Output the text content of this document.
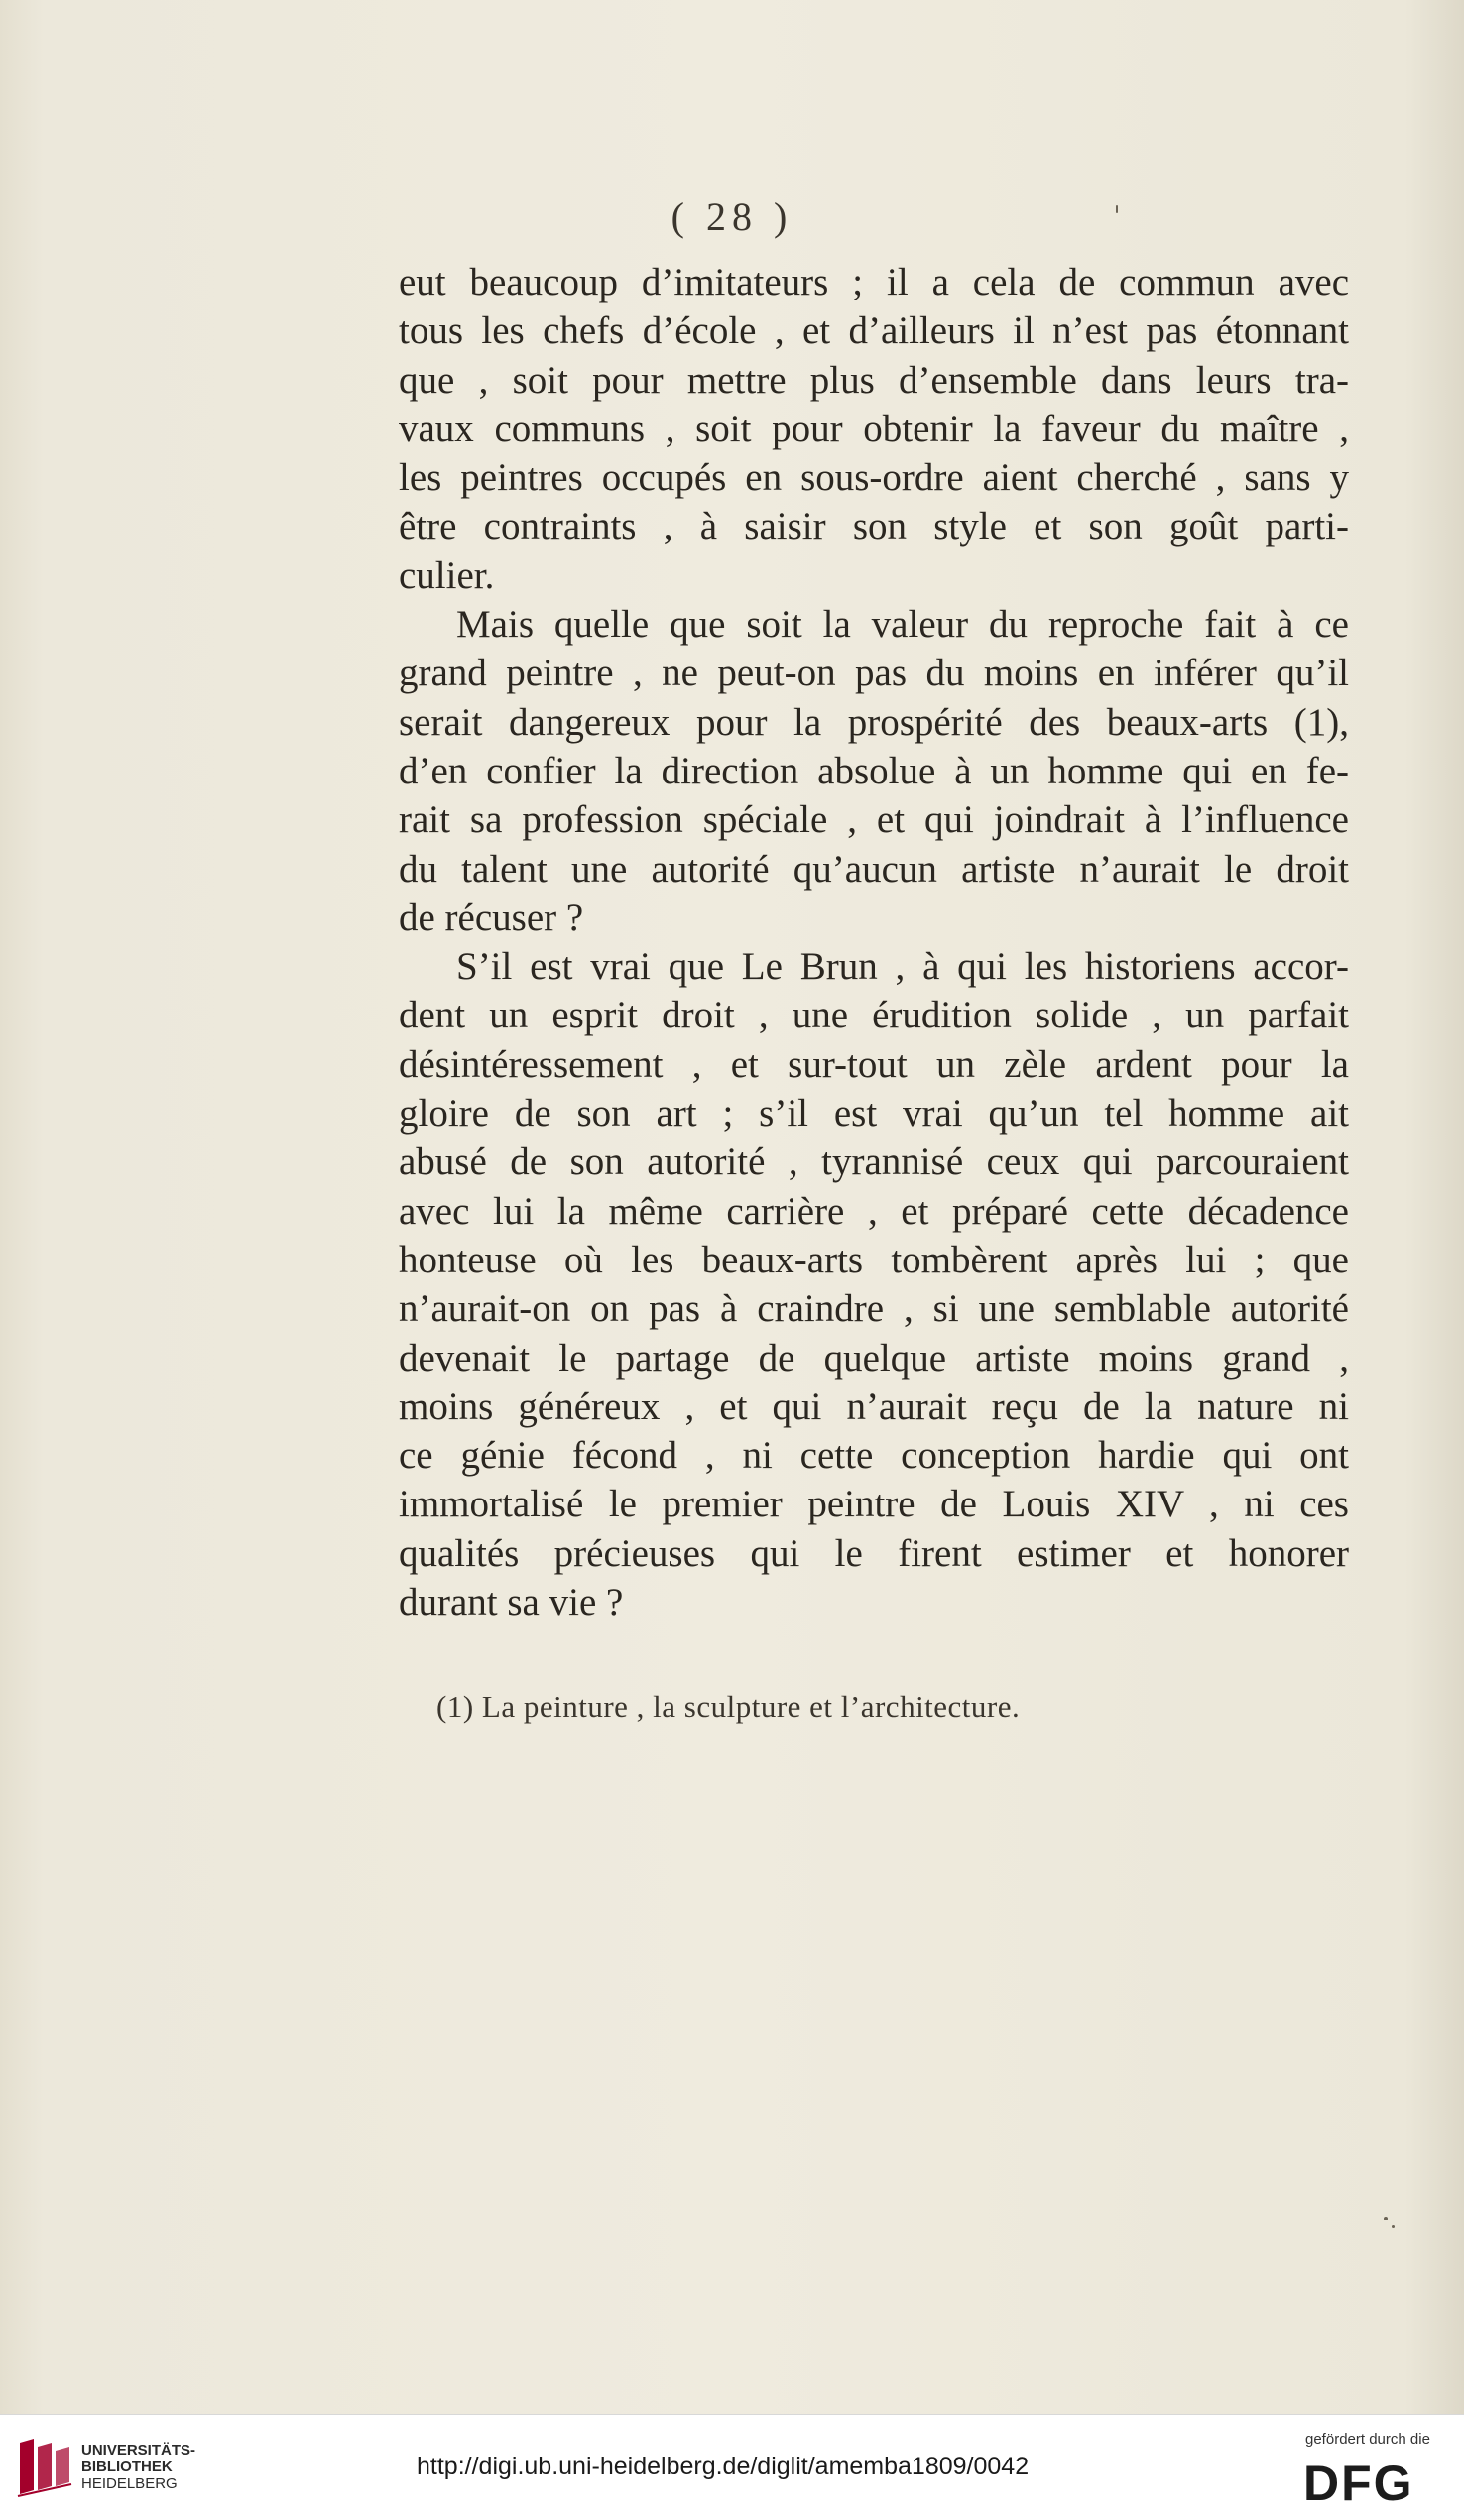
( 28 )
eut beaucoup d’imitateurs ; il a cela de commun avec
tous les chefs d’école , et d’ailleurs il n’est pas étonnant
que , soit pour mettre plus d’ensemble dans leurs tra-
vaux communs , soit pour obtenir la faveur du maître ,
les peintres occupés en sous-ordre aient cherché , sans y
être contraints , à saisir son style et son goût parti-
culier.
Mais quelle que soit la valeur du reproche fait à ce
grand peintre , ne peut-on pas du moins en inférer qu’il
serait dangereux pour la prospérité des beaux-arts (1),
d’en confier la direction absolue à un homme qui en fe-
rait sa profession spéciale , et qui joindrait à l’influence
du talent une autorité qu’aucun artiste n’aurait le droit
de récuser ?
S’il est vrai que Le Brun , à qui les historiens accor-
dent un esprit droit , une érudition solide , un parfait
désintéressement , et sur-tout un zèle ardent pour la
gloire de son art ; s’il est vrai qu’un tel homme ait
abusé de son autorité , tyrannisé ceux qui parcouraient
avec lui la même carrière , et préparé cette décadence
honteuse où les beaux-arts tombèrent après lui ; que
n’aurait-on on pas à craindre , si une semblable autorité
devenait le partage de quelque artiste moins grand ,
moins généreux , et qui n’aurait reçu de la nature ni
ce génie fécond , ni cette conception hardie qui ont
immortalisé le premier peintre de Louis XIV , ni ces
qualités précieuses qui le firent estimer et honorer
durant sa vie ?
(1) La peinture , la sculpture et l’architecture.
UNIVERSITÄTS-
BIBLIOTHEK
HEIDELBERG
http://digi.ub.uni-heidelberg.de/diglit/amemba1809/0042
gefördert durch die
DFG
